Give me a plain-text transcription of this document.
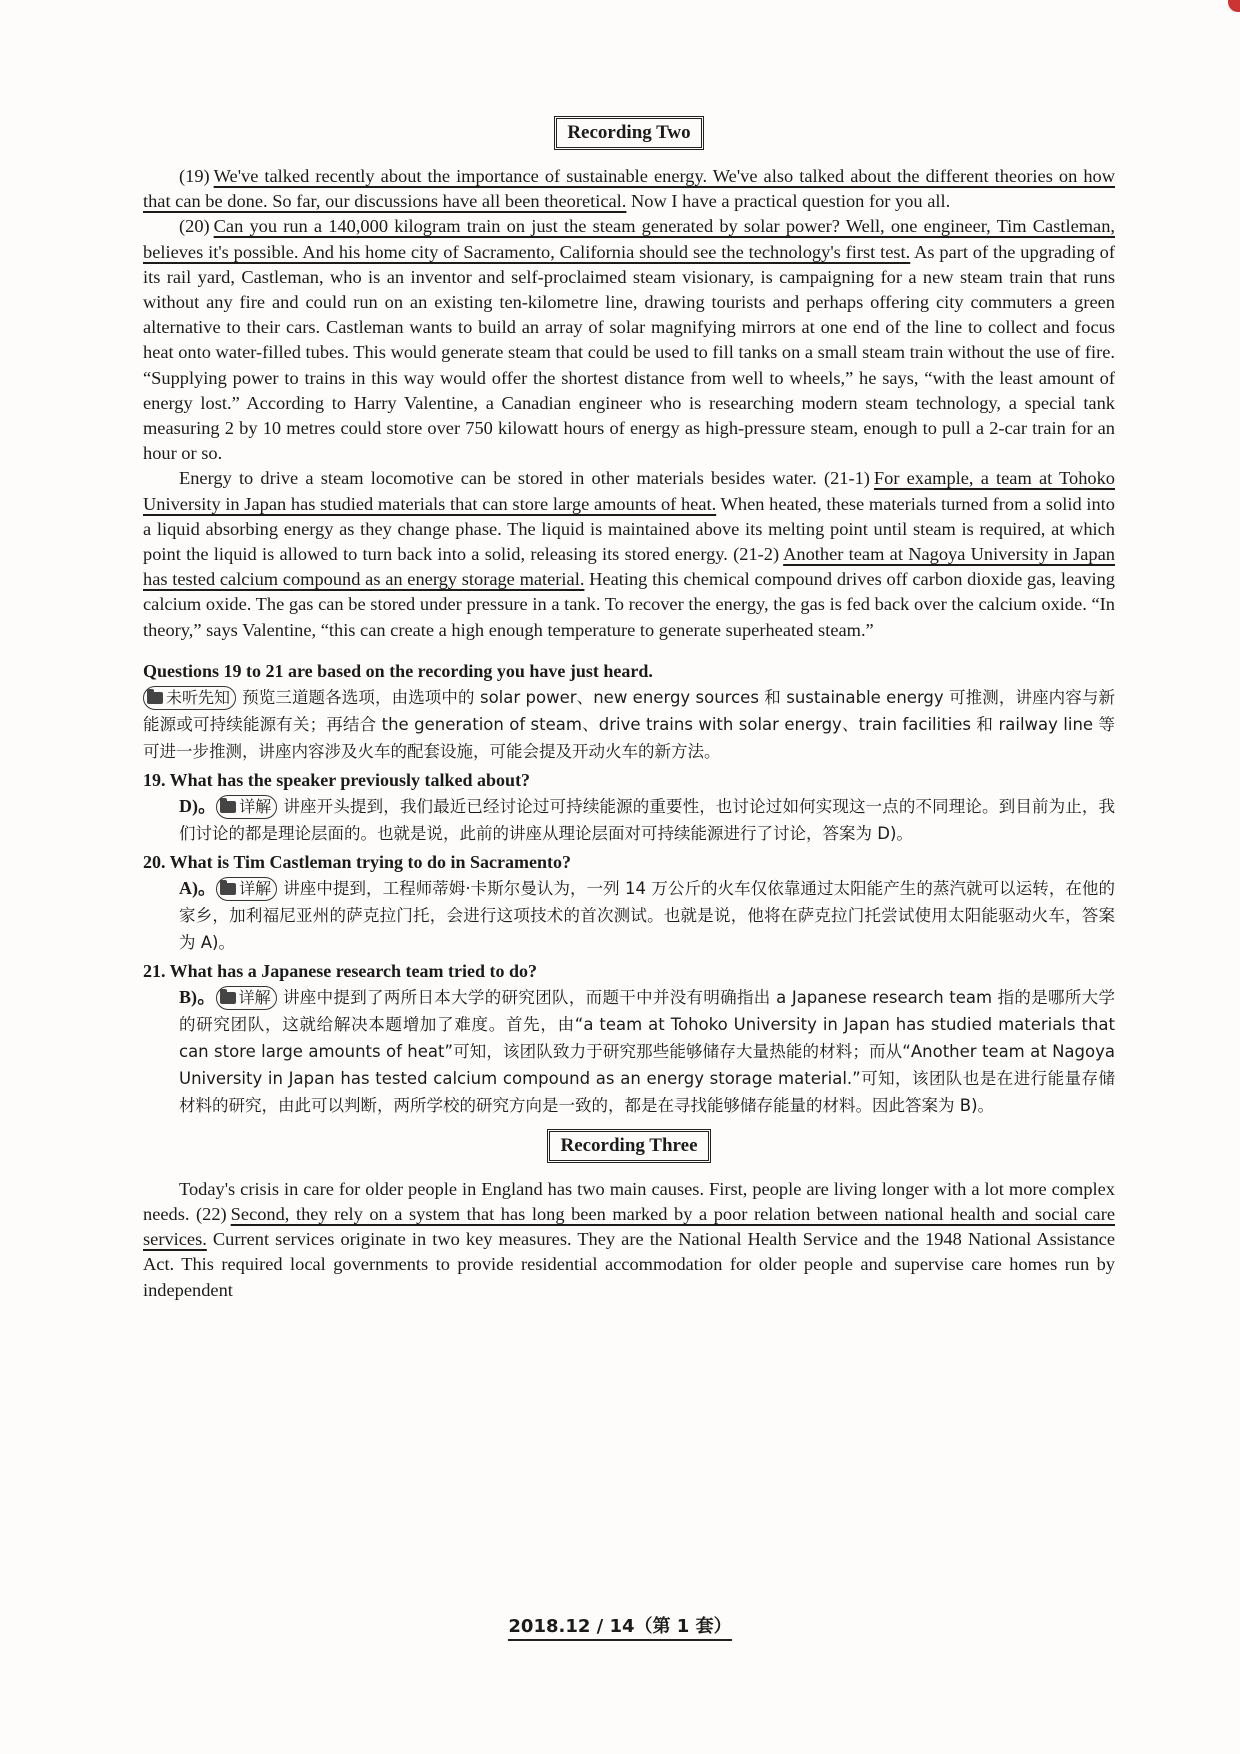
Recording Two

(19) We've talked recently about the importance of sustainable energy. We've also talked about the different theories on how that can be done. So far, our discussions have all been theoretical. Now I have a practical question for you all.

(20) Can you run a 140,000 kilogram train on just the steam generated by solar power? Well, one engineer, Tim Castleman, believes it's possible. And his home city of Sacramento, California should see the technology's first test. As part of the upgrading of its rail yard, Castleman, who is an inventor and self-proclaimed steam visionary, is campaigning for a new steam train that runs without any fire and could run on an existing ten-kilometre line, drawing tourists and perhaps offering city commuters a green alternative to their cars. Castleman wants to build an array of solar magnifying mirrors at one end of the line to collect and focus heat onto water-filled tubes. This would generate steam that could be used to fill tanks on a small steam train without the use of fire. “Supplying power to trains in this way would offer the shortest distance from well to wheels,” he says, “with the least amount of energy lost.” According to Harry Valentine, a Canadian engineer who is researching modern steam technology, a special tank measuring 2 by 10 metres could store over 750 kilowatt hours of energy as high-pressure steam, enough to pull a 2-car train for an hour or so.

Energy to drive a steam locomotive can be stored in other materials besides water. (21-1) For example, a team at Tohoko University in Japan has studied materials that can store large amounts of heat. When heated, these materials turned from a solid into a liquid absorbing energy as they change phase. The liquid is maintained above its melting point until steam is required, at which point the liquid is allowed to turn back into a solid, releasing its stored energy. (21-2) Another team at Nagoya University in Japan has tested calcium compound as an energy storage material. Heating this chemical compound drives off carbon dioxide gas, leaving calcium oxide. The gas can be stored under pressure in a tank. To recover the energy, the gas is fed back over the calcium oxide. “In theory,” says Valentine, “this can create a high enough temperature to generate superheated steam.”

Questions 19 to 21 are based on the recording you have just heard.
未听先知 预览三道题各选项，由选项中的 solar power、new energy sources 和 sustainable energy 可推测，讲座内容与新能源或可持续能源有关；再结合 the generation of steam、drive trains with solar energy、train facilities 和 railway line 等可进一步推测，讲座内容涉及火车的配套设施，可能会提及开动火车的新方法。
19. What has the speaker previously talked about?
D)。 详解 讲座开头提到，我们最近已经讨论过可持续能源的重要性，也讨论过如何实现这一点的不同理论。到目前为止，我们讨论的都是理论层面的。也就是说，此前的讲座从理论层面对可持续能源进行了讨论，答案为 D)。
20. What is Tim Castleman trying to do in Sacramento?
A)。 详解 讲座中提到，工程师蒂姆·卡斯尔曼认为，一列 14 万公斤的火车仅依靠通过太阳能产生的蒸汽就可以运转，在他的家乡，加利福尼亚州的萨克拉门托，会进行这项技术的首次测试。也就是说，他将在萨克拉门托尝试使用太阳能驱动火车，答案为 A)。
21. What has a Japanese research team tried to do?
B)。 详解 讲座中提到了两所日本大学的研究团队，而题干中并没有明确指出 a Japanese research team 指的是哪所大学的研究团队，这就给解决本题增加了难度。首先，由“a team at Tohoko University in Japan has studied materials that can store large amounts of heat”可知，该团队致力于研究那些能够储存大量热能的材料；而从“Another team at Nagoya University in Japan has tested calcium compound as an energy storage material.”可知，该团队也是在进行能量存储材料的研究，由此可以判断，两所学校的研究方向是一致的，都是在寻找能够储存能量的材料。因此答案为 B)。
Recording Three

Today's crisis in care for older people in England has two main causes. First, people are living longer with a lot more complex needs. (22) Second, they rely on a system that has long been marked by a poor relation between national health and social care services. Current services originate in two key measures. They are the National Health Service and the 1948 National Assistance Act. This required local governments to provide residential accommodation for older people and supervise care homes run by independent

2018.12 / 14（第 1 套）
